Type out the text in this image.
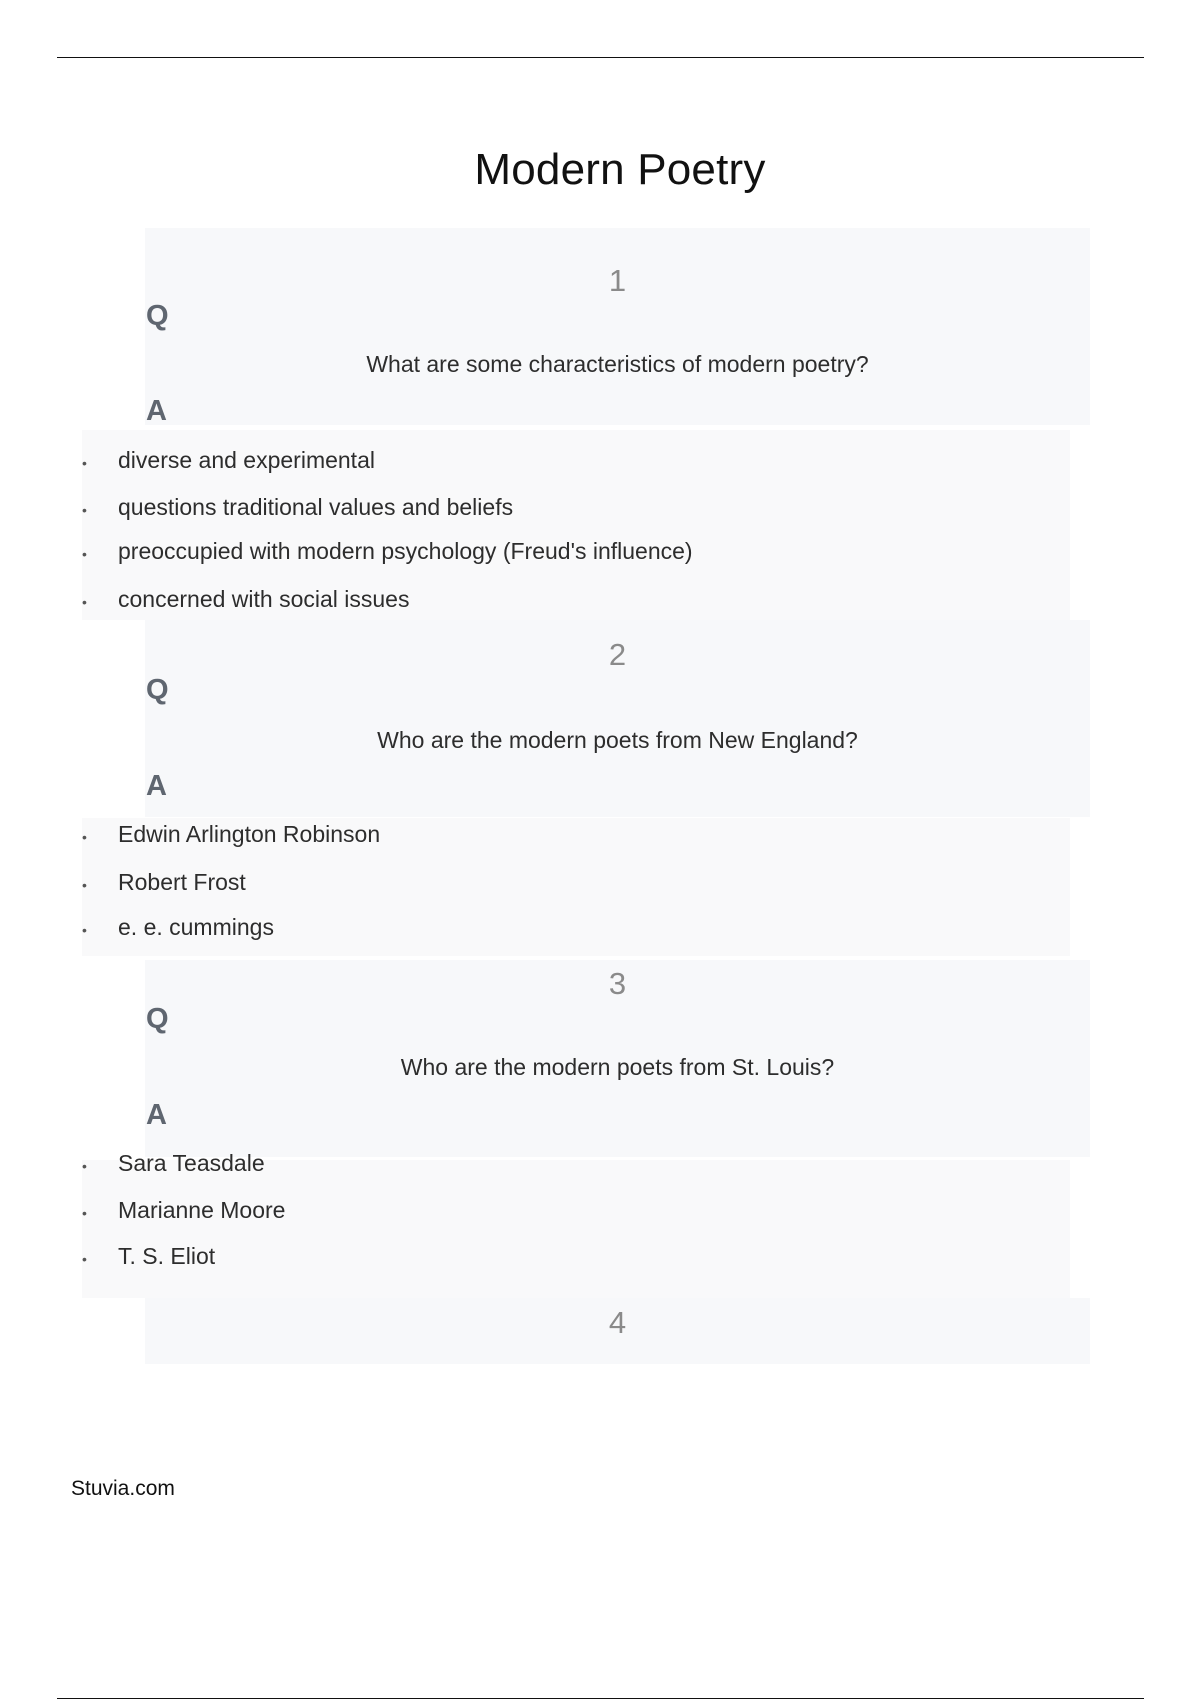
Modern Poetry
1
Q
What are some characteristics of modern poetry?
A
• diverse and experimental
• questions traditional values and beliefs
• preoccupied with modern psychology (Freud's influence)
• concerned with social issues
2
Q
Who are the modern poets from New England?
A
• Edwin Arlington Robinson
• Robert Frost
• e. e. cummings
3
Q
Who are the modern poets from St. Louis?
A
• Sara Teasdale
• Marianne Moore
• T. S. Eliot
4
Stuvia.com
